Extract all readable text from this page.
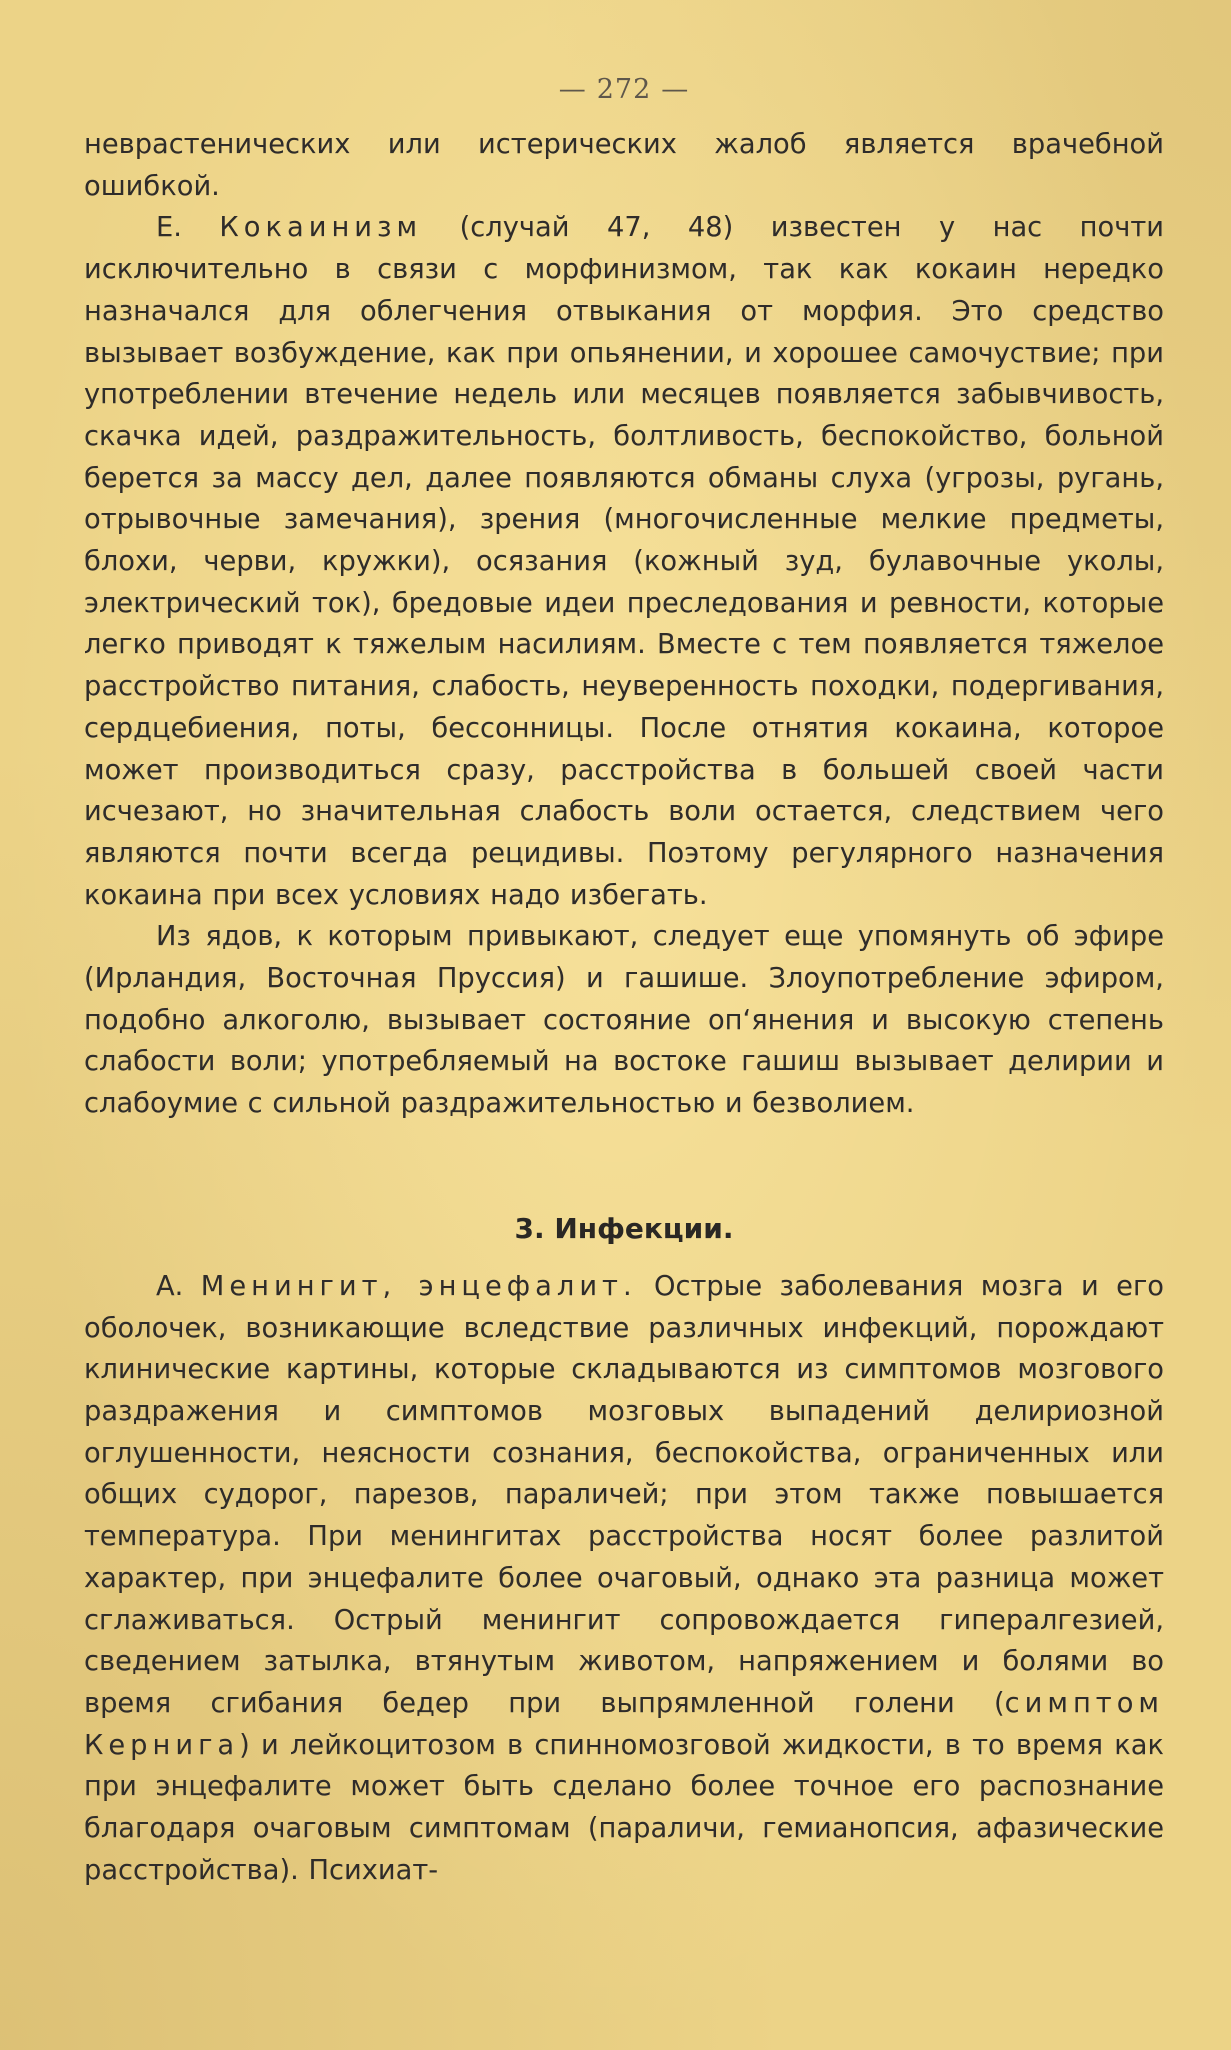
— 272 —

неврастенических или истерических жалоб является врачебной ошибкой.

Е. Кокаинизм (случай 47, 48) известен у нас почти исключительно в связи с морфинизмом, так как кокаин нередко назначался для облегчения отвыкания от морфия. Это средство вызывает возбуждение, как при опьянении, и хорошее самочуствие; при употреблении втечение недель или месяцев появляется забывчивость, скачка идей, раздражительность, болтливость, беспокойство, больной берется за массу дел, далее появляются обманы слуха (угрозы, ругань, отрывочные замечания), зрения (многочисленные мелкие предметы, блохи, черви, кружки), осязания (кожный зуд, булавочные уколы, электрический ток), бредовые идеи преследования и ревности, которые легко приводят к тяжелым насилиям. Вместе с тем появляется тяжелое расстройство питания, слабость, неуверенность походки, подергивания, сердцебиения, поты, бессонницы. После отнятия кокаина, которое может производиться сразу, расстройства в большей своей части исчезают, но значительная слабость воли остается, следствием чего являются почти всегда рецидивы. Поэтому регулярного назначения кокаина при всех условиях надо избегать.

Из ядов, к которым привыкают, следует еще упомянуть об эфире (Ирландия, Восточная Пруссия) и гашише. Злоупотребление эфиром, подобно алкоголю, вызывает состояние оп‘янения и высокую степень слабости воли; употребляемый на востоке гашиш вызывает делирии и слабоумие с сильной раздражительностью и безволием.

3. Инфекции.

А. Менингит, энцефалит. Острые заболевания мозга и его оболочек, возникающие вследствие различных инфекций, порождают клинические картины, которые складываются из симптомов мозгового раздражения и симптомов мозговых выпадений делириозной оглушенности, неясности сознания, беспокойства, ограниченных или общих судорог, парезов, параличей; при этом также повышается температура. При менингитах расстройства носят более разлитой характер, при энцефалите более очаговый, однако эта разница может сглаживаться. Острый менингит сопровождается гипералгезией, сведением затылка, втянутым животом, напряжением и болями во время сгибания бедер при выпрямленной голени (симптом Кернига) и лейкоцитозом в спинномозговой жидкости, в то время как при энцефалите может быть сделано более точное его распознание благодаря очаговым симптомам (параличи, гемианопсия, афазические расстройства). Психиат-
